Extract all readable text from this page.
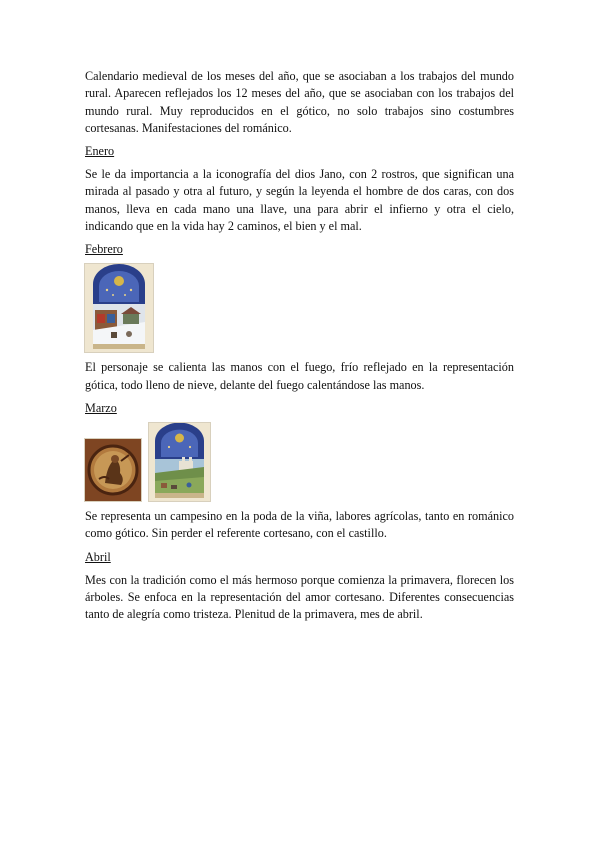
Calendario medieval de los meses del año, que se asociaban a los trabajos del mundo rural. Aparecen reflejados los 12 meses del año, que se asociaban con los trabajos del mundo rural. Muy reproducidos en el gótico, no solo trabajos sino costumbres cortesanas. Manifestaciones del románico.

Enero

Se le da importancia a la iconografía del dios Jano, con 2 rostros, que significan una mirada al pasado y otra al futuro, y según la leyenda el hombre de dos caras, con dos manos, lleva en cada mano una llave, una para abrir el infierno y otra el cielo, indicando que en la vida hay 2 caminos, el bien y el mal.

Febrero

El personaje se calienta las manos con el fuego, frío reflejado en la representación gótica, todo lleno de nieve, delante del fuego calentándose las manos.

Marzo

Se representa un campesino en la poda de la viña, labores agrícolas, tanto en románico como gótico. Sin perder el referente cortesano, con el castillo.

Abril

Mes con la tradición como el más hermoso porque comienza la primavera, florecen los árboles. Se enfoca en la representación del amor cortesano. Diferentes consecuencias tanto de alegría como tristeza. Plenitud de la primavera, mes de abril.
